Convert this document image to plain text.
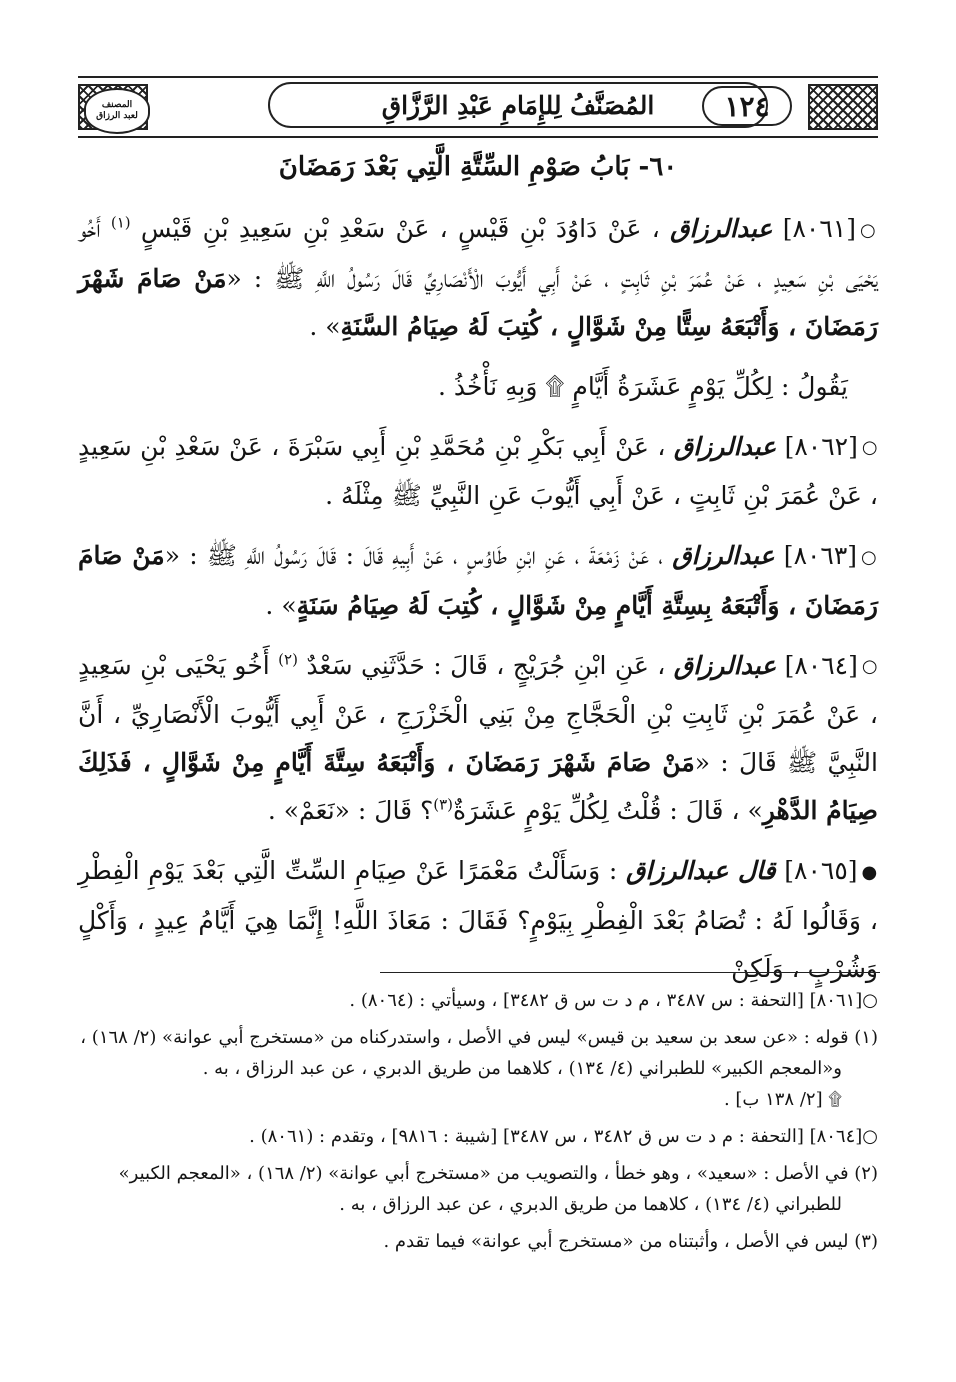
المصنف
لعبد الرزاق	المُصَنَّفُ لِلإِمَامِ عَبْدِ الرَّزَّاقِ	١٢٤
٦٠- بَابُ صَوْمِ السِّتَّةِ الَّتِي بَعْدَ رَمَضَانَ

○[٨٠٦١] عبدالرزاق ، عَنْ دَاوُدَ بْنِ قَيْسٍ ، عَنْ سَعْدِ بْنِ سَعِيدِ بْنِ قَيْسٍ $^{(١)}$ أَخُو يَحْيَى بْنِ سَعِيدٍ ، عَنْ عُمَرَ بْنِ ثَابِتٍ ، عَنْ أَبِي أَيُّوبَ الْأَنْصَارِيِّ قَالَ رَسُولُ اللَّهِ ﷺ : «مَنْ صَامَ شَهْرَ رَمَضَانَ ، وَأَتْبَعَهُ سِتًّا مِنْ شَوَّالٍ ، كُتِبَ لَهُ صِيَامُ السَّنَةِ» .

يَقُولُ : لِكُلِّ يَوْمٍ عَشَرَةُ أَيَّامٍ ۩ وَبِهِ نَأْخُذُ .

○[٨٠٦٢] عبدالرزاق ، عَنْ أَبِي بَكْرِ بْنِ مُحَمَّدِ بْنِ أَبِي سَبْرَةَ ، عَنْ سَعْدِ بْنِ سَعِيدٍ ، عَنْ عُمَرَ بْنِ ثَابِتٍ ، عَنْ أَبِي أَيُّوبَ عَنِ النَّبِيِّ ﷺ مِثْلَهُ .

○[٨٠٦٣] عبدالرزاق ، عَنْ زَمْعَةَ ، عَنِ ابْنِ طَاوُسٍ ، عَنْ أَبِيهِ قَالَ : قَالَ رَسُولُ اللَّهِ ﷺ : «مَنْ صَامَ رَمَضَانَ ، وَأَتْبَعَهُ بِسِتَّةِ أَيَّامٍ مِنْ شَوَّالٍ ، كُتِبَ لَهُ صِيَامُ سَنَةٍ» .

○[٨٠٦٤] عبدالرزاق ، عَنِ ابْنِ جُرَيْجٍ ، قَالَ : حَدَّثَنِي سَعْدٌ $^{(٢)}$ أَخُو يَحْيَى بْنِ سَعِيدٍ ، عَنْ عُمَرَ بْنِ ثَابِتِ بْنِ الْحَجَّاجِ مِنْ بَنِي الْخَزْرَجِ ، عَنْ أَبِي أَيُّوبَ الْأَنْصَارِيِّ ، أَنَّ النَّبِيَّ ﷺ قَالَ : «مَنْ صَامَ شَهْرَ رَمَضَانَ ، وَأَتْبَعَهُ سِتَّةَ أَيَّامٍ مِنْ شَوَّالٍ ، فَذَلِكَ صِيَامُ الدَّهْرِ» ، قَالَ : قُلْتُ لِكُلِّ يَوْمٍ عَشَرَةٌ$^{(٣)}$؟ قَالَ : «نَعَمْ» .

●[٨٠٦٥] قال عبدالرزاق : وَسَأَلْتُ مَعْمَرًا عَنْ صِيَامِ السِّتِّ الَّتِي بَعْدَ يَوْمِ الْفِطْرِ ، وَقَالُوا لَهُ : تُصَامُ بَعْدَ الْفِطْرِ بِيَوْمٍ؟ فَقَالَ : مَعَاذَ اللَّهِ! إِنَّمَا هِيَ أَيَّامُ عِيدٍ ، وَأَكْلٍ وَشُرْبٍ ، وَلَكِنْ

○[٨٠٦١] [التحفة : س ٣٤٨٧ ، م د ت س ق ٣٤٨٢] ، وسيأتي : (٨٠٦٤) .

(١) قوله : «عن سعد بن سعيد بن قيس» ليس في الأصل ، واستدركناه من «مستخرج أبي عوانة» (٢/ ١٦٨) ،
و«المعجم الكبير» للطبراني (٤/ ١٣٤) ، كلاهما من طريق الدبري ، عن عبد الرزاق ، به .
۩ [٢/ ١٣٨ ب] .

○[٨٠٦٤] [التحفة : م د ت س ق ٣٤٨٢ ، س ٣٤٨٧] [شيبة : ٩٨١٦] ، وتقدم : (٨٠٦١) .

(٢) في الأصل : «سعيد» ، وهو خطأ ، والتصويب من «مستخرج أبي عوانة» (٢/ ١٦٨) ، «المعجم الكبير»
للطبراني (٤/ ١٣٤) ، كلاهما من طريق الدبري ، عن عبد الرزاق ، به .

(٣) ليس في الأصل ، وأثبتناه من «مستخرج أبي عوانة» فيما تقدم .
